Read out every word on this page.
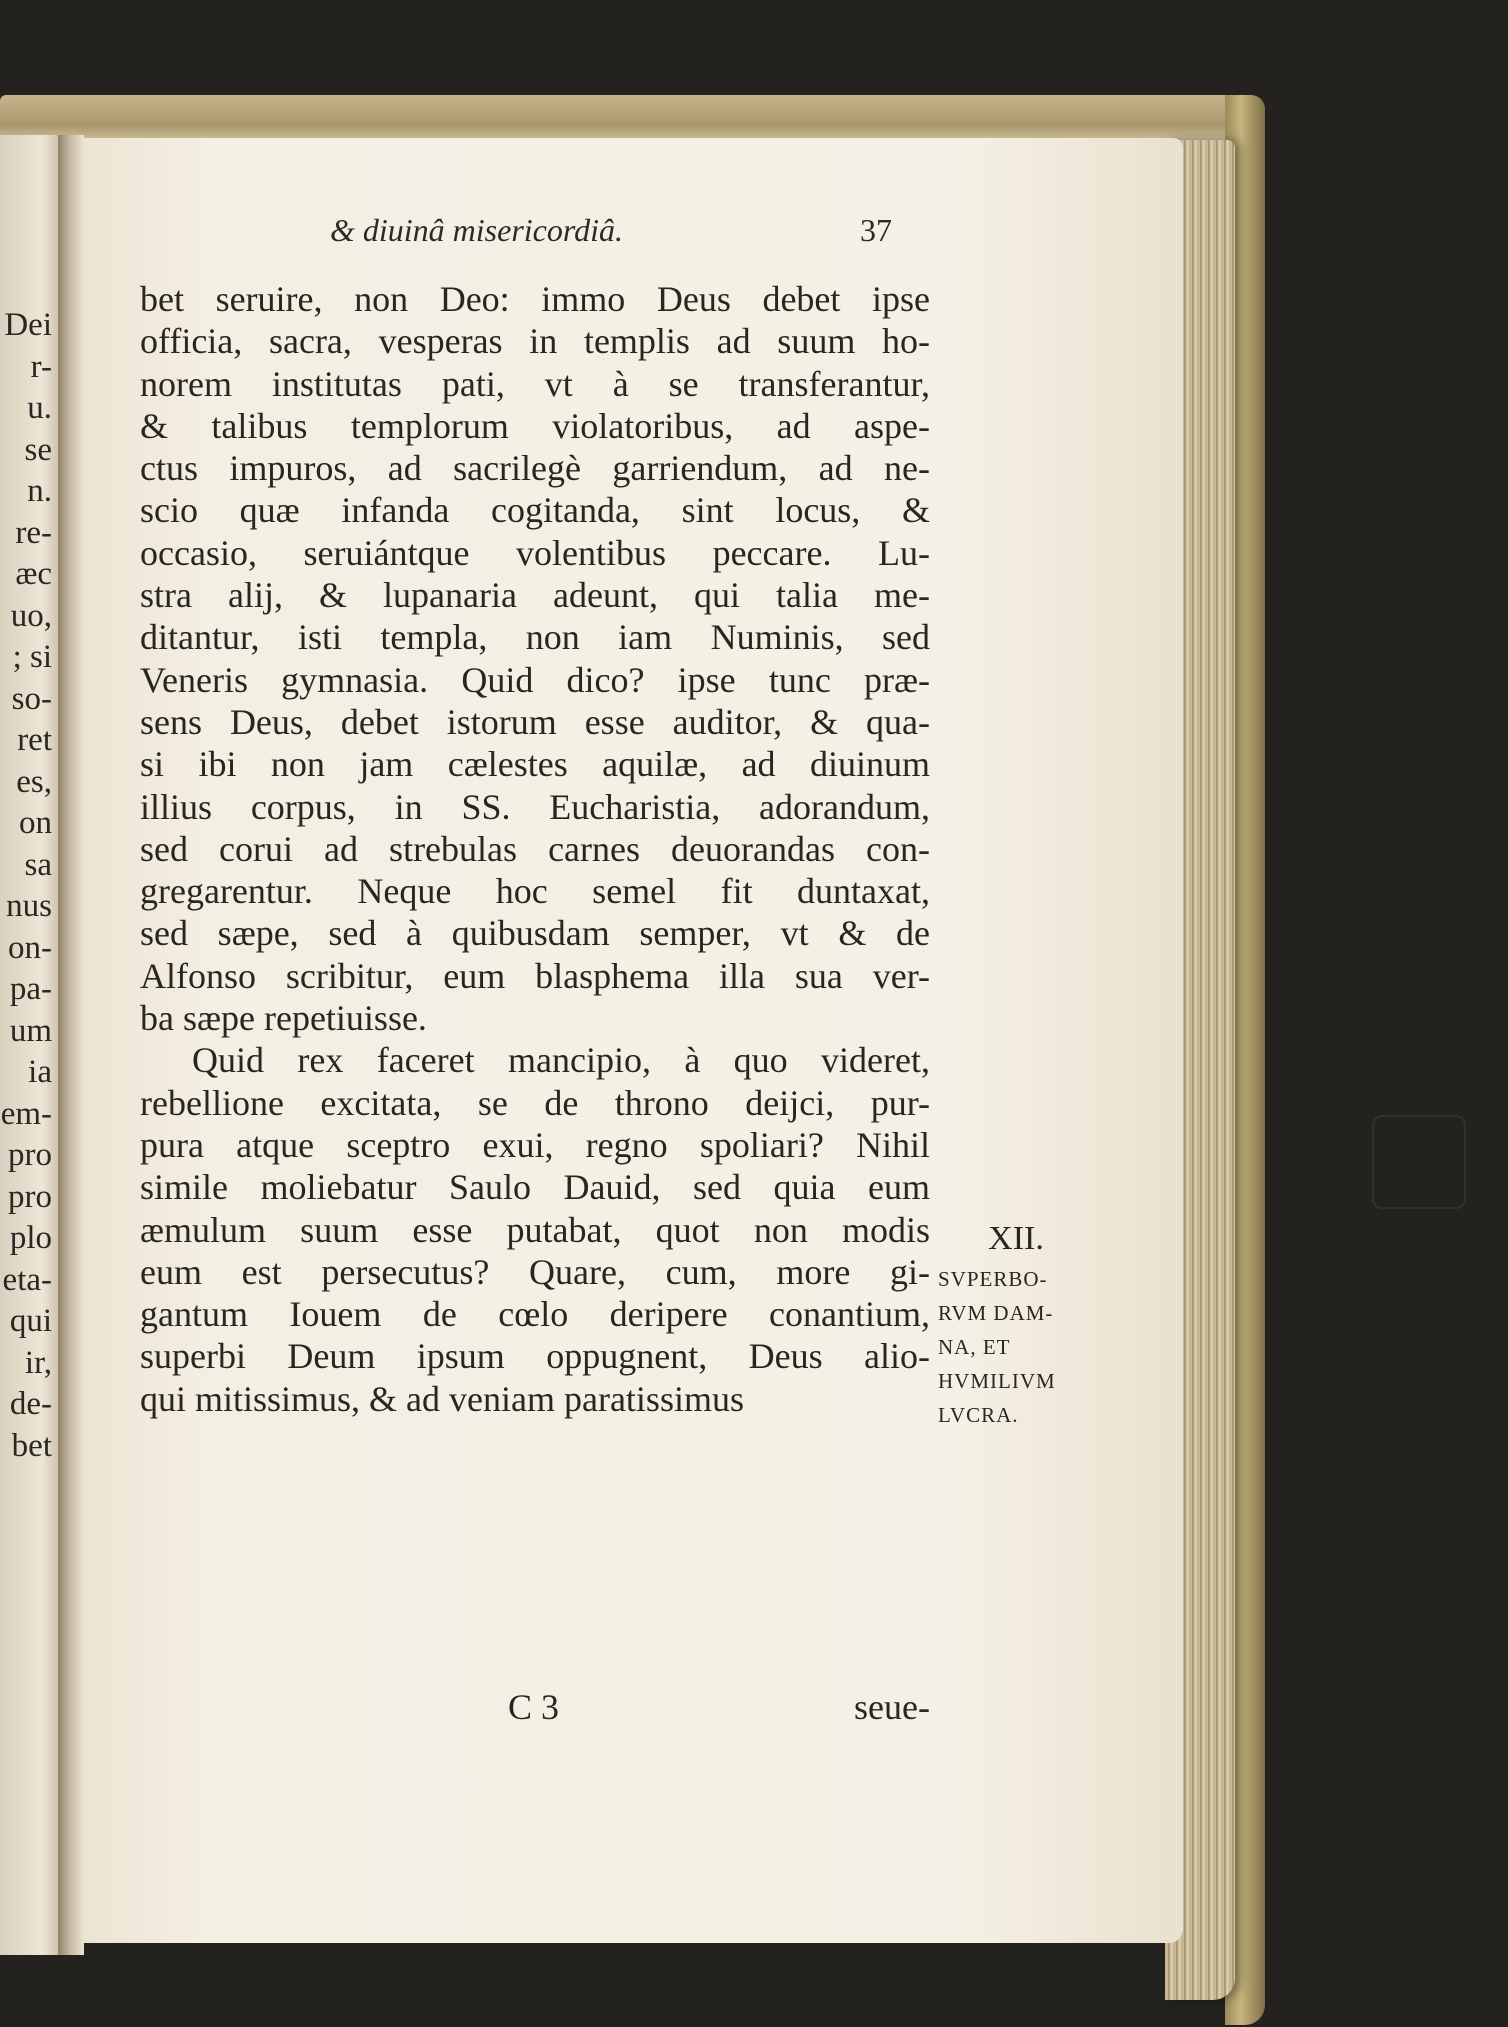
Dei
r-
u.
se
n.
re-
æc
uo,
; si
so-
ret
es,
on
sa
nus
on-
pa-
um
ia
em-
pro
pro
plo
eta-
qui
ir,
de-
bet

& diuinâ misericordiâ.	37
bet seruire, non Deo: immo Deus debet ipse
officia, sacra, vesperas in templis ad suum ho-
norem institutas pati, vt à se transferantur,
& talibus templorum violatoribus, ad aspe-
ctus impuros, ad sacrilegè garriendum, ad ne-
scio quæ infanda cogitanda, sint locus, &
occasio, seruiántque volentibus peccare. Lu-
stra alij, & lupanaria adeunt, qui talia me-
ditantur, isti templa, non iam Numinis, sed
Veneris gymnasia. Quid dico? ipse tunc præ-
sens Deus, debet istorum esse auditor, & qua-
si ibi non jam cælestes aquilæ, ad diuinum
illius corpus, in SS. Eucharistia, adorandum,
sed corui ad strebulas carnes deuorandas con-
gregarentur. Neque hoc semel fit duntaxat,
sed sæpe, sed à quibusdam semper, vt & de
Alfonso scribitur, eum blasphema illa sua ver-
ba sæpe repetiuisse.
Quid rex faceret mancipio, à quo videret,
rebellione excitata, se de throno deijci, pur-
pura atque sceptro exui, regno spoliari? Nihil
simile moliebatur Saulo Dauid, sed quia eum
æmulum suum esse putabat, quot non modis
eum est persecutus? Quare, cum, more gi-
gantum Iouem de cœlo deripere conantium,
superbi Deum ipsum oppugnent, Deus alio-
qui mitissimus, & ad veniam paratissimus
XII.
SVPERBO-
RVM DAM-
NA, ET
HVMILIVM
LVCRA.
C 3	seue-
